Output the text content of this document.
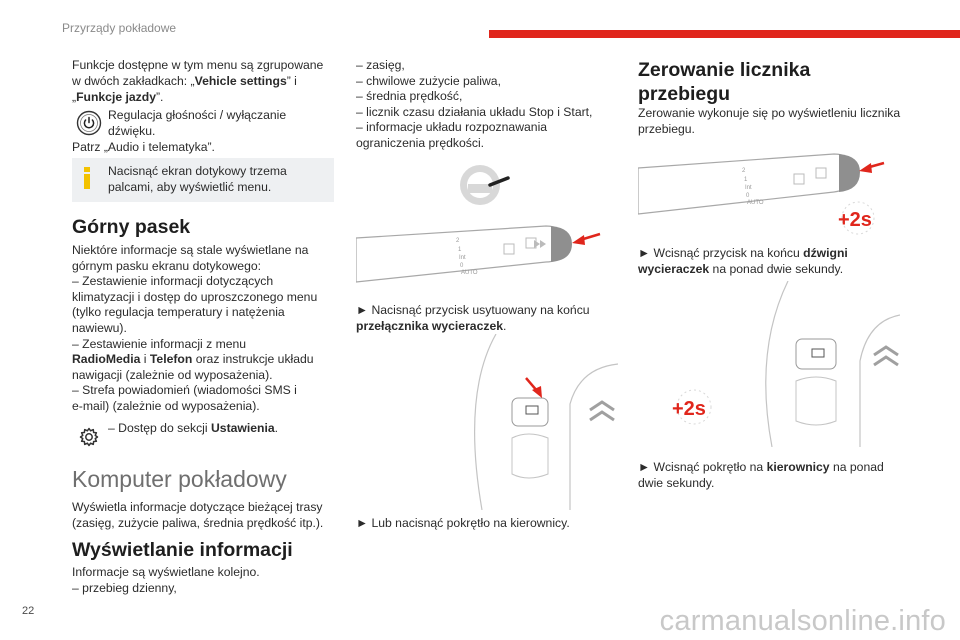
Przyrządy pokładowe
Funkcje dostępne w tym menu są zgrupowane
w dwóch zakładkach: „Vehicle settings” i
„Funkcje jazdy”.
Regulacja głośności / wyłączanie
dźwięku.
Patrz „Audio i telematyka”.
Nacisnąć ekran dotykowy trzema
palcami, aby wyświetlić menu.
Górny pasek
Niektóre informacje są stale wyświetlane na
górnym pasku ekranu dotykowego:
– Zestawienie informacji dotyczących
klimatyzacji i dostęp do uproszczonego menu
(tylko regulacja temperatury i natężenia
nawiewu).
– Zestawienie informacji z menu
RadioMedia i Telefon oraz instrukcje układu
nawigacji (zależnie od wyposażenia).
– Strefa powiadomień (wiadomości SMS i
e-mail) (zależnie od wyposażenia).
– Dostęp do sekcji Ustawienia.
Komputer pokładowy
Wyświetla informacje dotyczące bieżącej trasy
(zasięg, zużycie paliwa, średnia prędkość itp.).
Wyświetlanie informacji
Informacje są wyświetlane kolejno.
– przebieg dzienny,
– zasięg,
– chwilowe zużycie paliwa,
– średnia prędkość,
– licznik czasu działania układu Stop i Start,
– informacje układu rozpoznawania
ograniczenia prędkości.
2
1
Int
0
AUTO
► Nacisnąć przycisk usytuowany na końcu
przełącznika wycieraczek.
► Lub nacisnąć pokrętło na kierownicy.
Zerowanie licznika
przebiegu
Zerowanie wykonuje się po wyświetleniu licznika
przebiegu.
2
1
Int
0
AUTO
+2s
► Wcisnąć przycisk na końcu dźwigni
wycieraczek na ponad dwie sekundy.
+2s
► Wcisnąć pokrętło na kierownicy na ponad
dwie sekundy.
22	carmanualsonline.info
